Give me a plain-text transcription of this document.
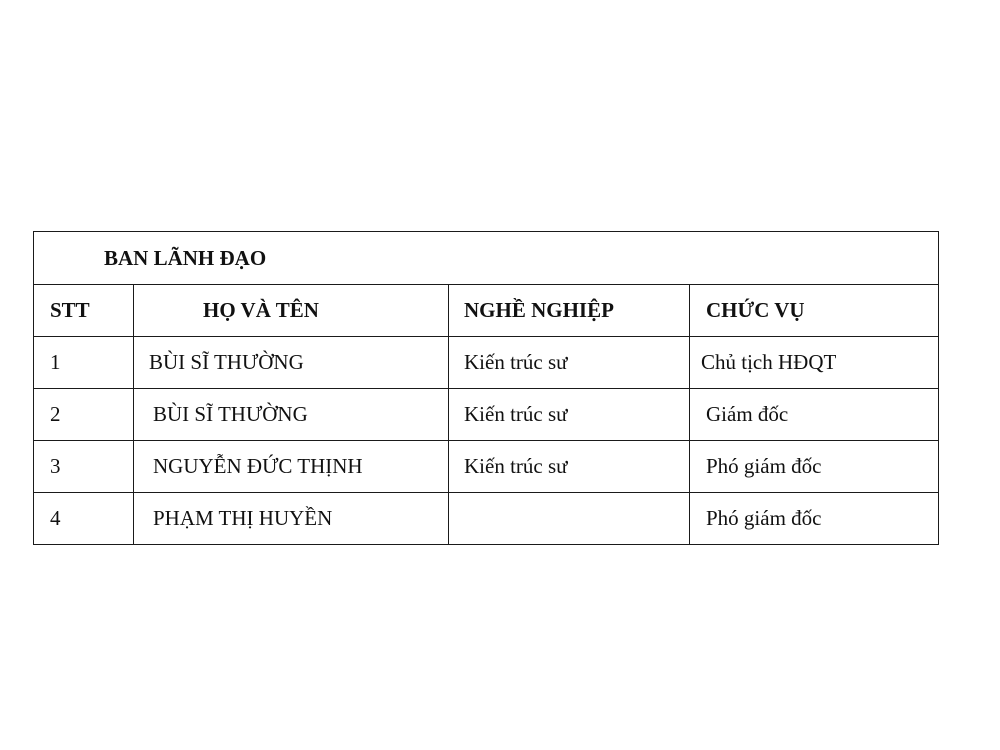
BAN LÃNH ĐẠO			
STT	HỌ VÀ TÊN	NGHỀ NGHIỆP	CHỨC VỤ
1	BÙI SĨ THƯỜNG	Kiến trúc sư	Chủ tịch HĐQT
2	BÙI SĨ THƯỜNG	Kiến trúc sư	Giám đốc
3	NGUYỄN ĐỨC THỊNH	Kiến trúc sư	Phó giám đốc
4	PHẠM THỊ HUYỀN		Phó giám đốc
